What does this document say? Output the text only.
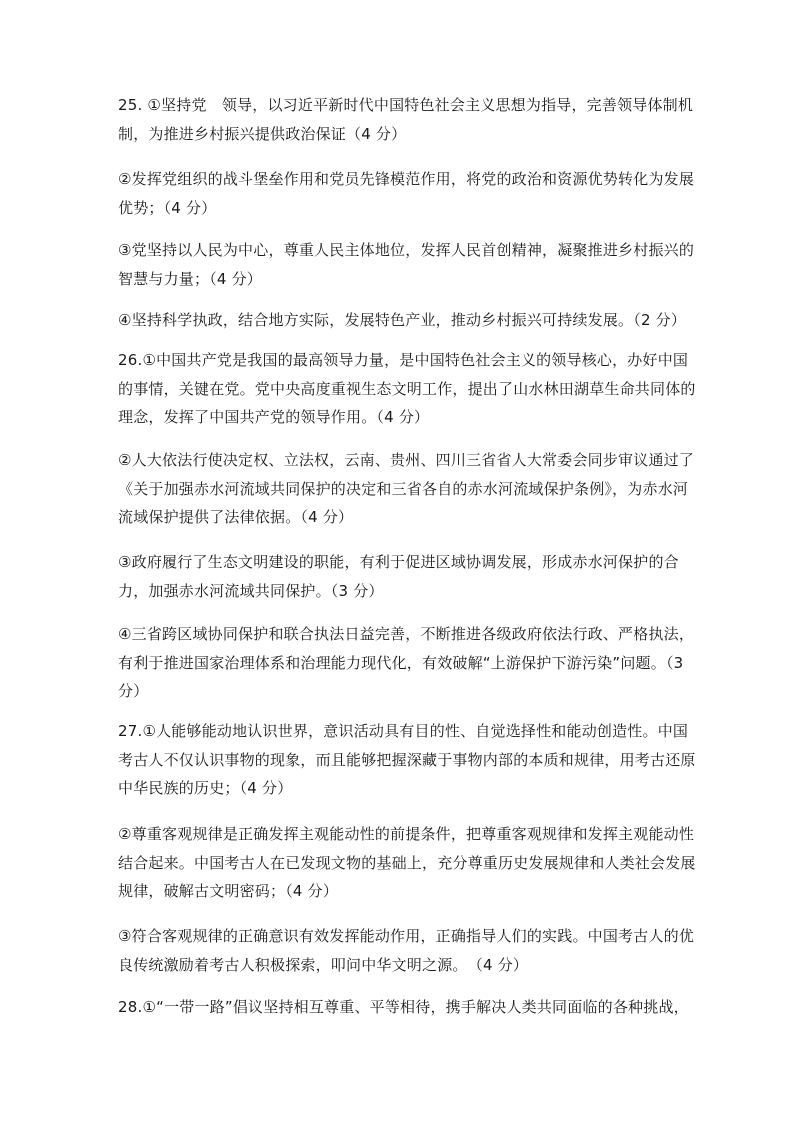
25. ①坚持党　领导，以习近平新时代中国特色社会主义思想为指导，完善领导体制机制，为推进乡村振兴提供政治保证（4 分）

②发挥党组织的战斗堡垒作用和党员先锋模范作用，将党的政治和资源优势转化为发展优势；（4 分）

③党坚持以人民为中心，尊重人民主体地位，发挥人民首创精神，凝聚推进乡村振兴的智慧与力量；（4 分）

④坚持科学执政，结合地方实际，发展特色产业，推动乡村振兴可持续发展。（2 分）

26.①中国共产党是我国的最高领导力量，是中国特色社会主义的领导核心，办好中国的事情，关键在党。党中央高度重视生态文明工作，提出了山水林田湖草生命共同体的理念，发挥了中国共产党的领导作用。（4 分）

②人大依法行使决定权、立法权，云南、贵州、四川三省省人大常委会同步审议通过了《关于加强赤水河流域共同保护的决定和三省各自的赤水河流域保护条例》，为赤水河流域保护提供了法律依据。（4 分）

③政府履行了生态文明建设的职能，有利于促进区域协调发展，形成赤水河保护的合力，加强赤水河流域共同保护。（3 分）

④三省跨区域协同保护和联合执法日益完善，不断推进各级政府依法行政、严格执法，有利于推进国家治理体系和治理能力现代化，有效破解“上游保护下游污染”问题。（3分）

27.①人能够能动地认识世界，意识活动具有目的性、自觉选择性和能动创造性。中国考古人不仅认识事物的现象，而且能够把握深藏于事物内部的本质和规律，用考古还原中华民族的历史；（4 分）

②尊重客观规律是正确发挥主观能动性的前提条件，把尊重客观规律和发挥主观能动性结合起来。中国考古人在已发现文物的基础上，充分尊重历史发展规律和人类社会发展规律，破解古文明密码；（4 分）

③符合客观规律的正确意识有效发挥能动作用，正确指导人们的实践。中国考古人的优良传统激励着考古人积极探索，叩问中华文明之源。　（4 分）

28.①“一带一路”倡议坚持相互尊重、平等相待，携手解决人类共同面临的各种挑战，
